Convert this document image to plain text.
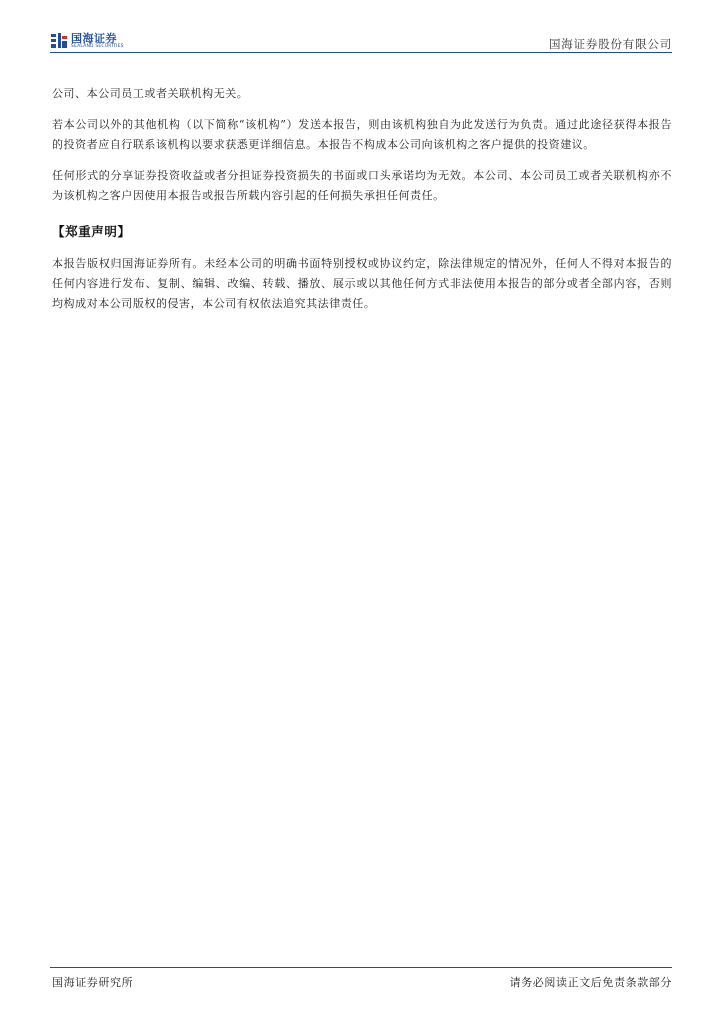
国海证券
SEALAND SECURITIES	国海证券股份有限公司

公司、本公司员工或者关联机构无关。

若本公司以外的其他机构（以下简称“该机构”）发送本报告，则由该机构独自为此发送行为负责。通过此途径获得本报告的投资者应自行联系该机构以要求获悉更详细信息。本报告不构成本公司向该机构之客户提供的投资建议。

任何形式的分享证券投资收益或者分担证券投资损失的书面或口头承诺均为无效。本公司、本公司员工或者关联机构亦不为该机构之客户因使用本报告或报告所载内容引起的任何损失承担任何责任。

【郑重声明】

本报告版权归国海证券所有。未经本公司的明确书面特别授权或协议约定，除法律规定的情况外，任何人不得对本报告的任何内容进行发布、复制、编辑、改编、转载、播放、展示或以其他任何方式非法使用本报告的部分或者全部内容，否则均构成对本公司版权的侵害，本公司有权依法追究其法律责任。

国海证券研究所	请务必阅读正文后免责条款部分
